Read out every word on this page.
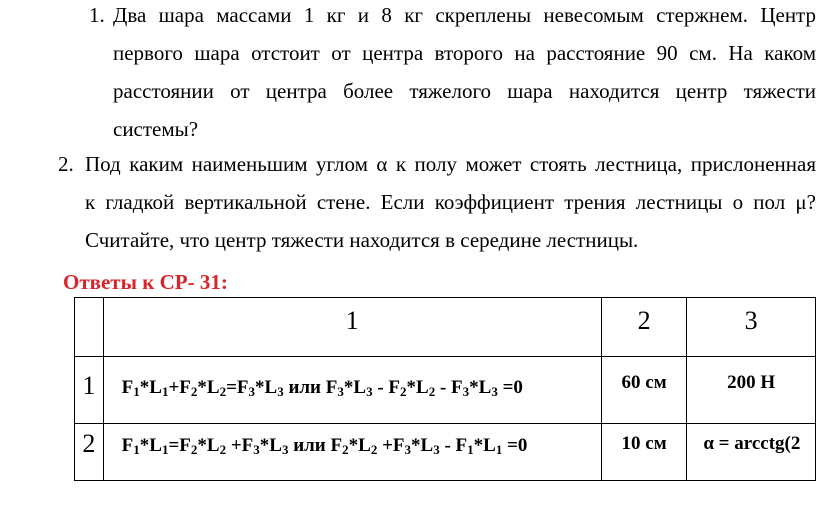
1. Два шара массами 1 кг и 8 кг скреплены невесомым стержнем. Центр
первого шара отстоит от центра второго на расстояние 90 см. На каком
расстоянии от центра более тяжелого шара находится центр тяжести
системы?
2. Под каким наименьшим углом α к полу может стоять лестница, прислоненная
к гладкой вертикальной стене. Если коэффициент трения лестницы о пол μ?
Считайте, что центр тяжести находится в середине лестницы.
Ответы к СР- 31:
	1	2	3
1	$F_1*L_1+F_2*L_2=F_3*L_3$ или $F_3*L_3 - F_2*L_2 - F_3*L_3 =0$	60 см	200 Н
2	$F_1*L_1=F_2*L_2 +F_3*L_3$ или $F_2*L_2 +F_3*L_3 - F_1*L_1 =0$	10 см	α = arcctg(2
